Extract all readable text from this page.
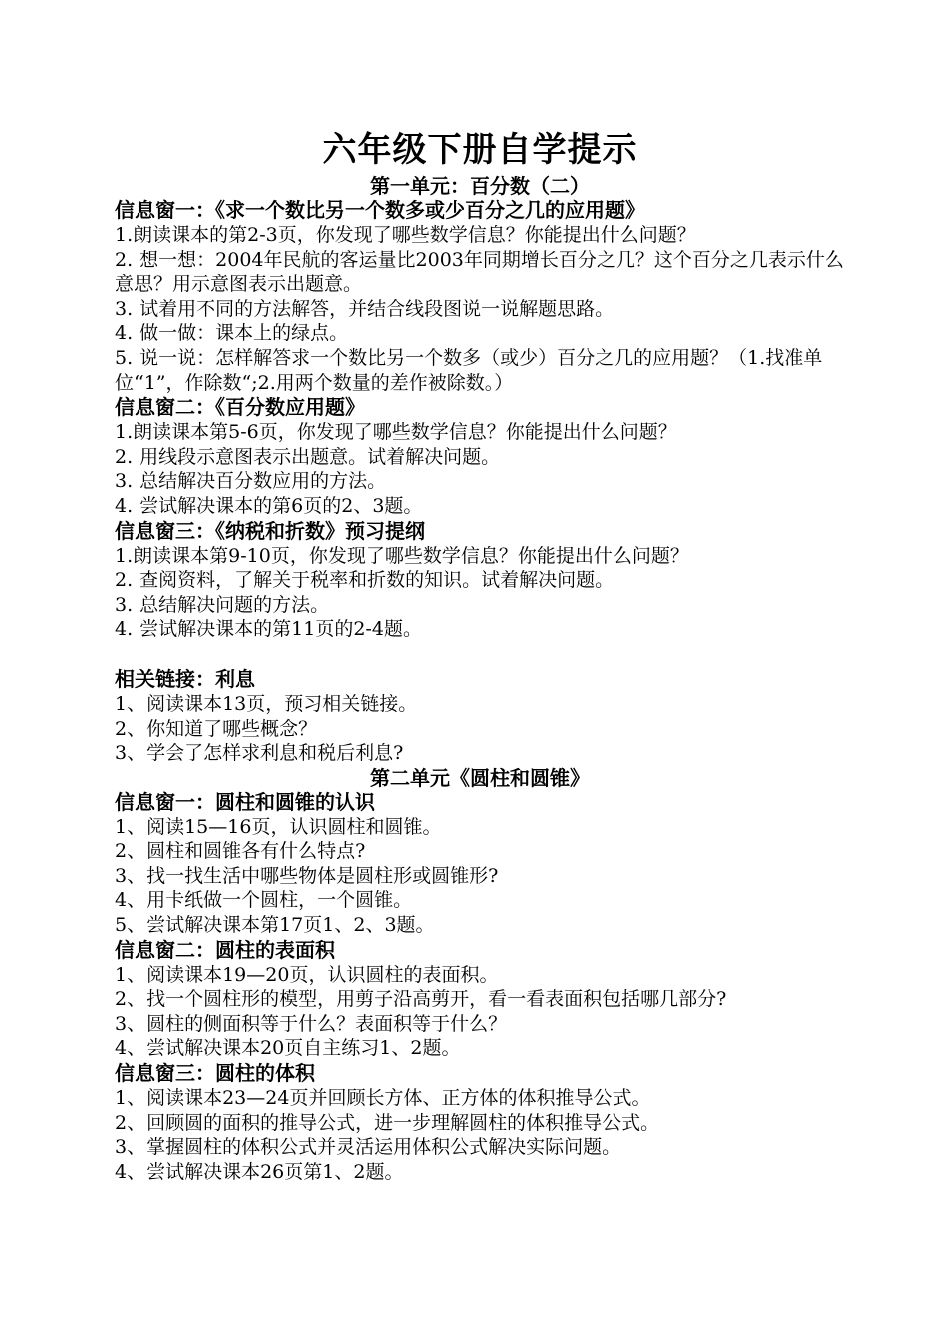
六年级下册自学提示

第一单元：百分数（二）

信息窗一：《求一个数比另一个数多或少百分之几的应用题》

1.朗读课本的第2-3页，你发现了哪些数学信息？你能提出什么问题？

2. 想一想：2004年民航的客运量比2003年同期增长百分之几？这个百分之几表示什么意思？用示意图表示出题意。

3. 试着用不同的方法解答，并结合线段图说一说解题思路。

4. 做一做：课本上的绿点。

5. 说一说：怎样解答求一个数比另一个数多（或少）百分之几的应用题？（1.找准单位“1”，作除数“;2.用两个数量的差作被除数。）

信息窗二：《百分数应用题》

1.朗读课本第5-6页，你发现了哪些数学信息？你能提出什么问题？

2. 用线段示意图表示出题意。试着解决问题。

3. 总结解决百分数应用的方法。

4. 尝试解决课本的第6页的2、3题。

信息窗三：《纳税和折数》预习提纲

1.朗读课本第9-10页，你发现了哪些数学信息？你能提出什么问题？

2. 查阅资料，了解关于税率和折数的知识。试着解决问题。

3. 总结解决问题的方法。

4. 尝试解决课本的第11页的2-4题。

相关链接：利息

1、阅读课本13页，预习相关链接。

2、你知道了哪些概念？

3、学会了怎样求利息和税后利息?

第二单元《圆柱和圆锥》

信息窗一：圆柱和圆锥的认识

1、阅读15—16页，认识圆柱和圆锥。

2、圆柱和圆锥各有什么特点?

3、找一找生活中哪些物体是圆柱形或圆锥形?

4、用卡纸做一个圆柱，一个圆锥。

5、尝试解决课本第17页1、2、3题。

信息窗二：圆柱的表面积

1、阅读课本19—20页，认识圆柱的表面积。

2、找一个圆柱形的模型，用剪子沿高剪开，看一看表面积包括哪几部分?

3、圆柱的侧面积等于什么？表面积等于什么？

4、尝试解决课本20页自主练习1、2题。

信息窗三：圆柱的体积

1、阅读课本23—24页并回顾长方体、正方体的体积推导公式。

2、回顾圆的面积的推导公式，进一步理解圆柱的体积推导公式。

3、掌握圆柱的体积公式并灵活运用体积公式解决实际问题。

4、尝试解决课本26页第1、2题。
